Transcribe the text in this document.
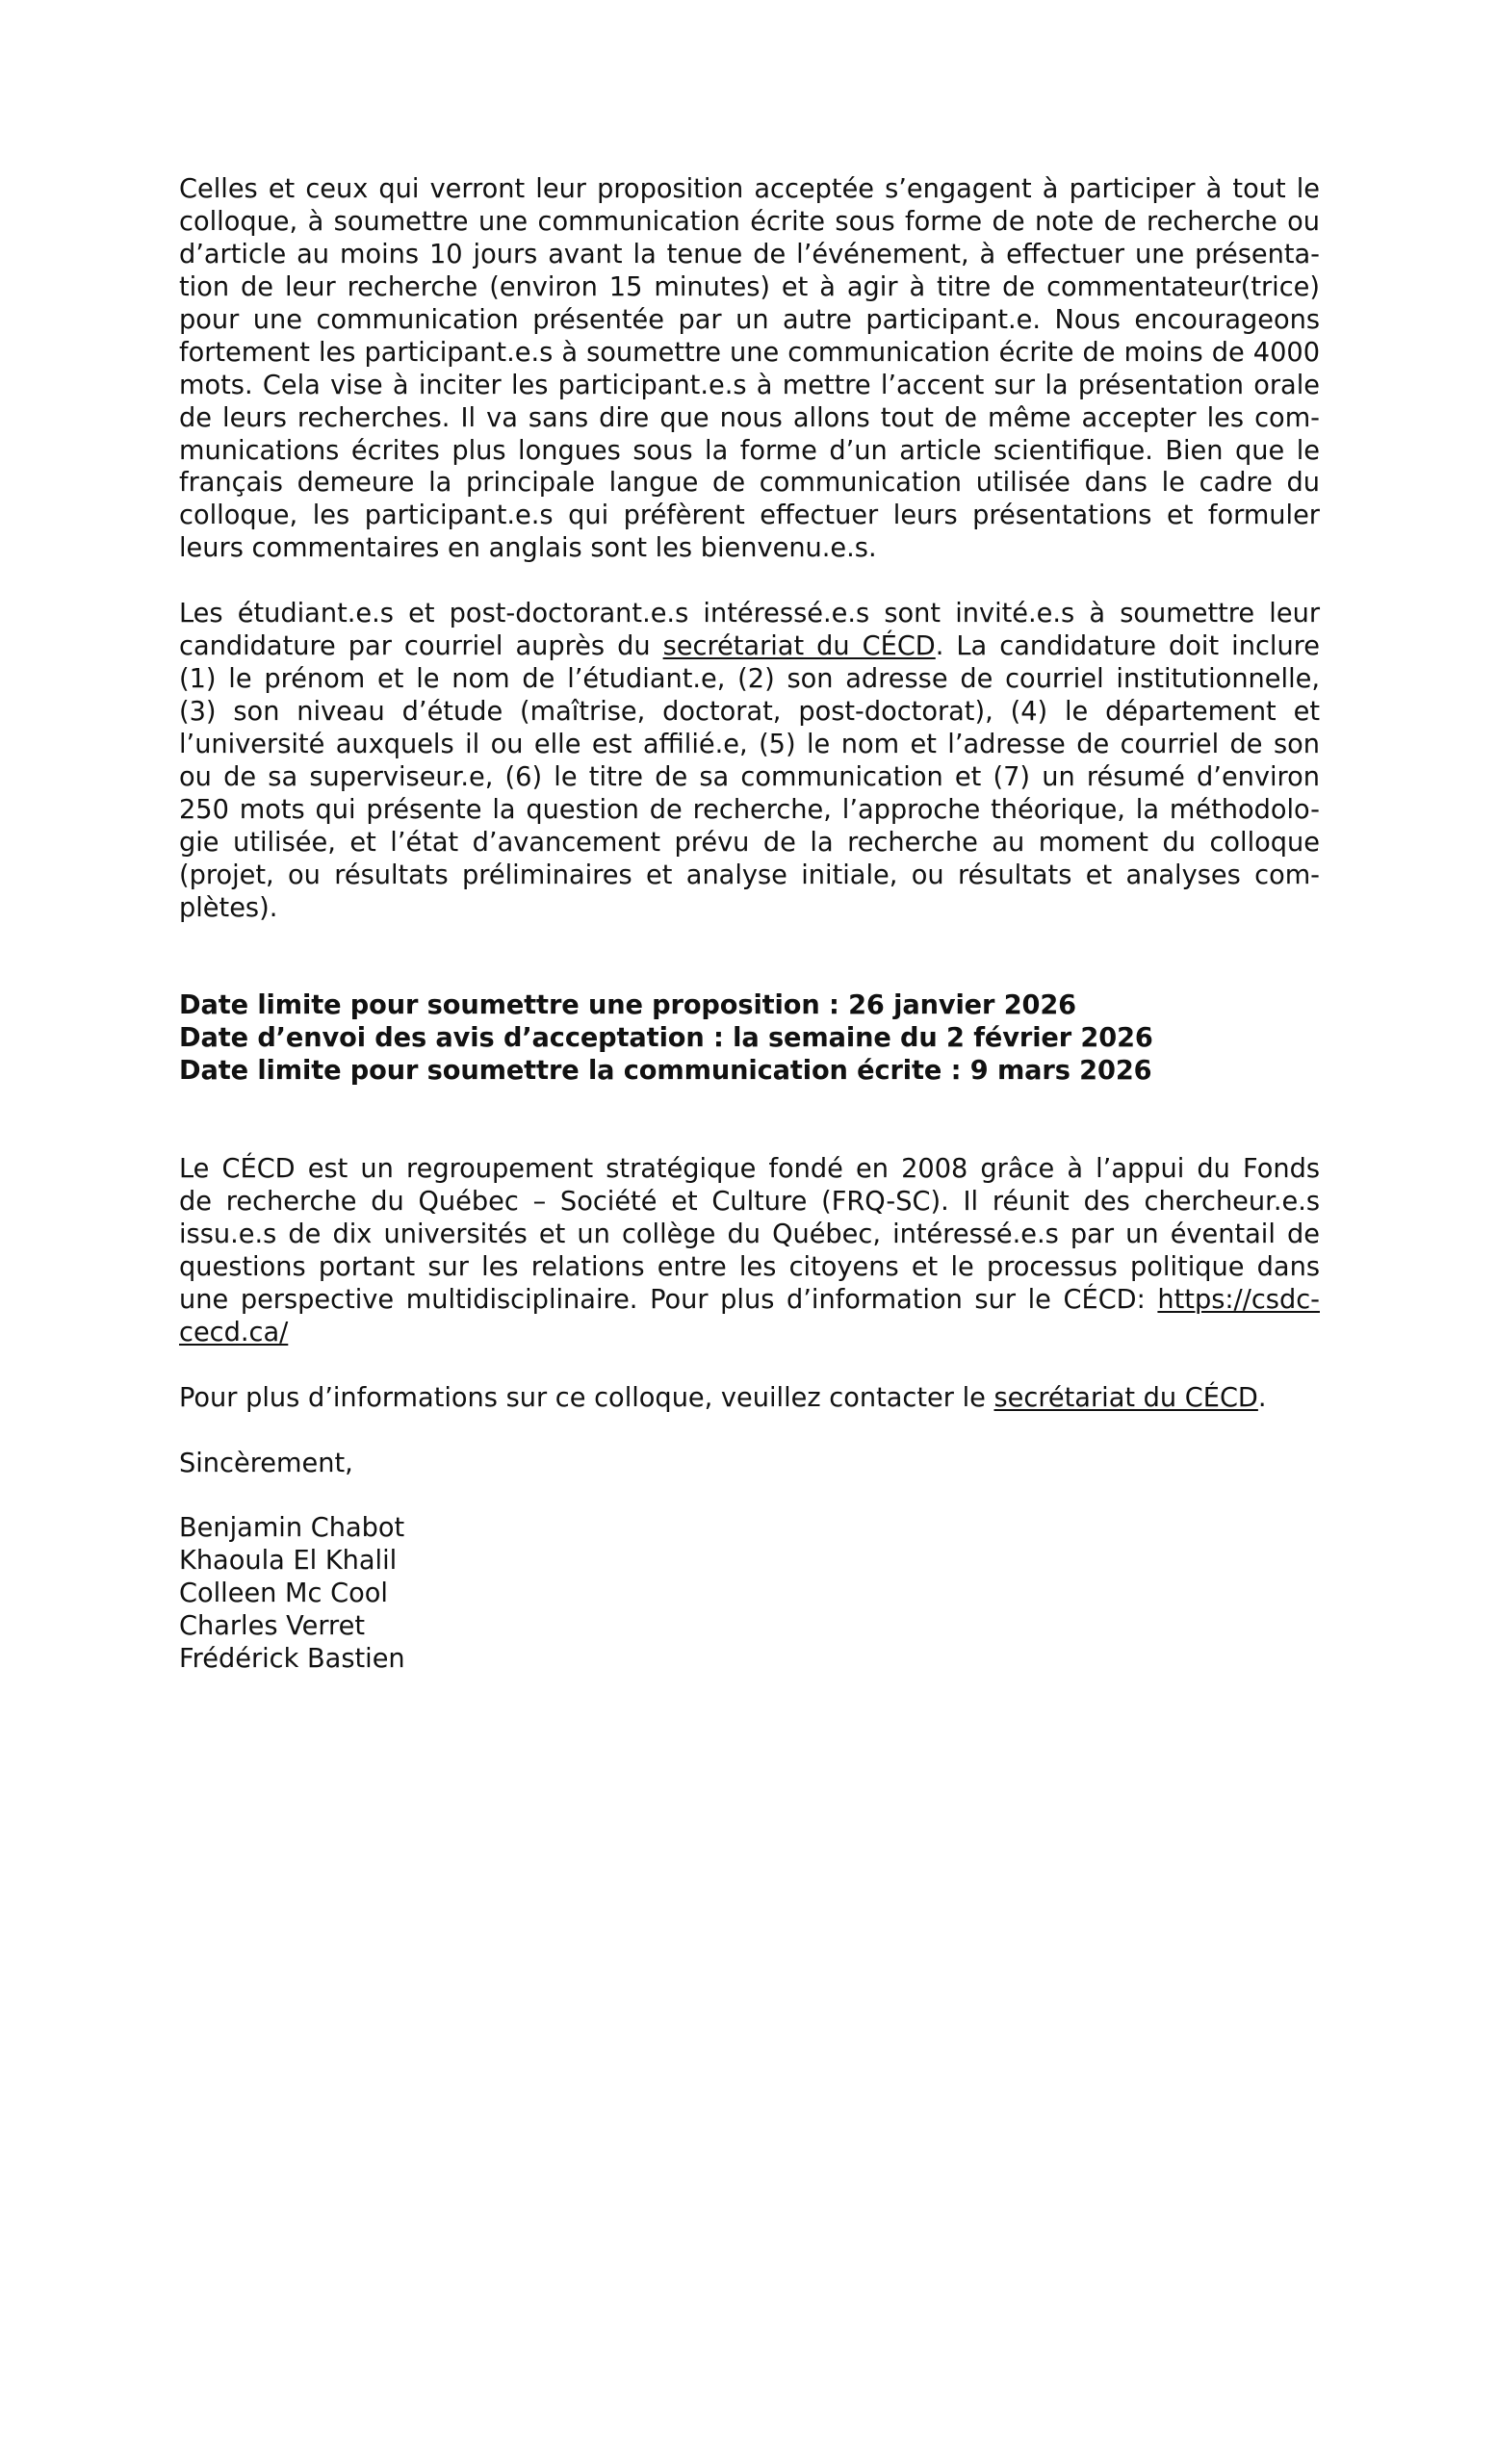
Celles et ceux qui verront leur proposition acceptée s’engagent à participer à tout le
colloque, à soumettre une communication écrite sous forme de note de recherche ou
d’article au moins 10 jours avant la tenue de l’événement, à effectuer une présenta-
tion de leur recherche (environ 15 minutes) et à agir à titre de commentateur(trice)
pour une communication présentée par un autre participant.e. Nous encourageons
fortement les participant.e.s à soumettre une communication écrite de moins de 4000
mots. Cela vise à inciter les participant.e.s à mettre l’accent sur la présentation orale
de leurs recherches. Il va sans dire que nous allons tout de même accepter les com-
munications écrites plus longues sous la forme d’un article scientifique. Bien que le
français demeure la principale langue de communication utilisée dans le cadre du
colloque, les participant.e.s qui préfèrent effectuer leurs présentations et formuler
leurs commentaires en anglais sont les bienvenu.e.s.
Les étudiant.e.s et post-doctorant.e.s intéressé.e.s sont invité.e.s à soumettre leur
candidature par courriel auprès du secrétariat du CÉCD. La candidature doit inclure
(1) le prénom et le nom de l’étudiant.e, (2) son adresse de courriel institutionnelle,
(3) son niveau d’étude (maîtrise, doctorat, post-doctorat), (4) le département et
l’université auxquels il ou elle est affilié.e, (5) le nom et l’adresse de courriel de son
ou de sa superviseur.e, (6) le titre de sa communication et (7) un résumé d’environ
250 mots qui présente la question de recherche, l’approche théorique, la méthodolo-
gie utilisée, et l’état d’avancement prévu de la recherche au moment du colloque
(projet, ou résultats préliminaires et analyse initiale, ou résultats et analyses com-
plètes).
Date limite pour soumettre une proposition : 26 janvier 2026
Date d’envoi des avis d’acceptation : la semaine du 2 février 2026
Date limite pour soumettre la communication écrite : 9 mars 2026
Le CÉCD est un regroupement stratégique fondé en 2008 grâce à l’appui du Fonds
de recherche du Québec – Société et Culture (FRQ-SC). Il réunit des chercheur.e.s
issu.e.s de dix universités et un collège du Québec, intéressé.e.s par un éventail de
questions portant sur les relations entre les citoyens et le processus politique dans
une perspective multidisciplinaire. Pour plus d’information sur le CÉCD: https://csdc-
cecd.ca/
Pour plus d’informations sur ce colloque, veuillez contacter le secrétariat du CÉCD.
Sincèrement,
Benjamin Chabot
Khaoula El Khalil
Colleen Mc Cool
Charles Verret
Frédérick Bastien
